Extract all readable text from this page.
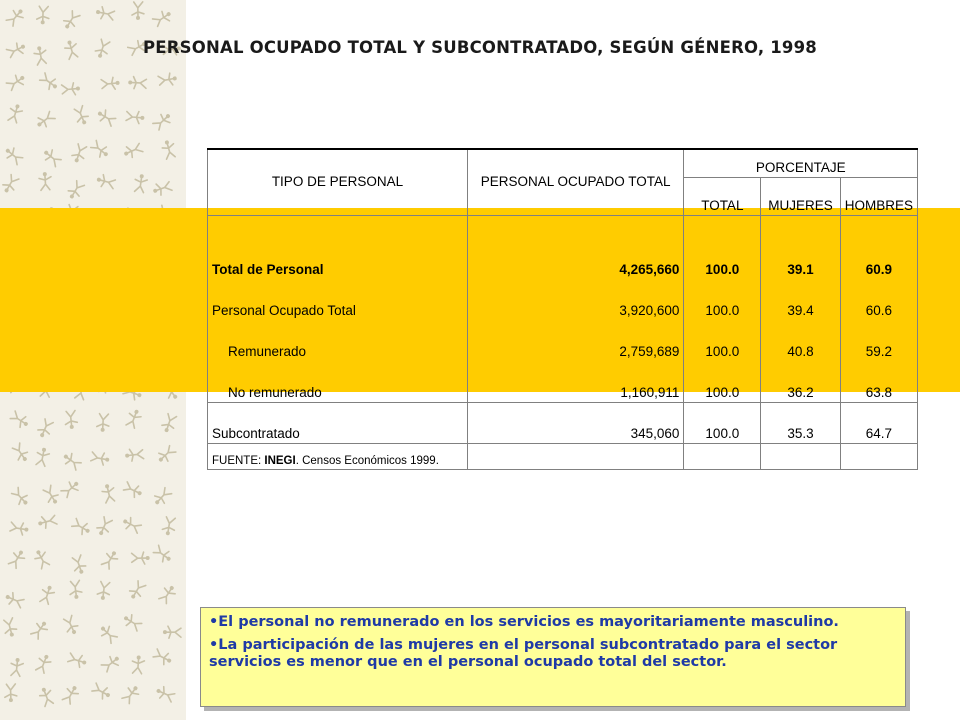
PERSONAL OCUPADO TOTAL Y SUBCONTRATADO, SEGÚN GÉNERO, 1998
TIPO DE PERSONAL	PERSONAL OCUPADO TOTAL	PORCENTAJE		
		TOTAL	MUJERES	HOMBRES

Total de Personal	4,265,660	100.0	39.1	60.9
Personal Ocupado Total	3,920,600	100.0	39.4	60.6
Remunerado	2,759,689	100.0	40.8	59.2
No remunerado	1,160,911	100.0	36.2	63.8
Subcontratado	345,060	100.0	35.3	64.7
FUENTE: INEGI. Censos Económicos 1999.				

•El personal no remunerado en los servicios es mayoritariamente masculino.

•La participación de las mujeres en el personal subcontratado para el sector servicios es menor que en el personal ocupado total del sector.
